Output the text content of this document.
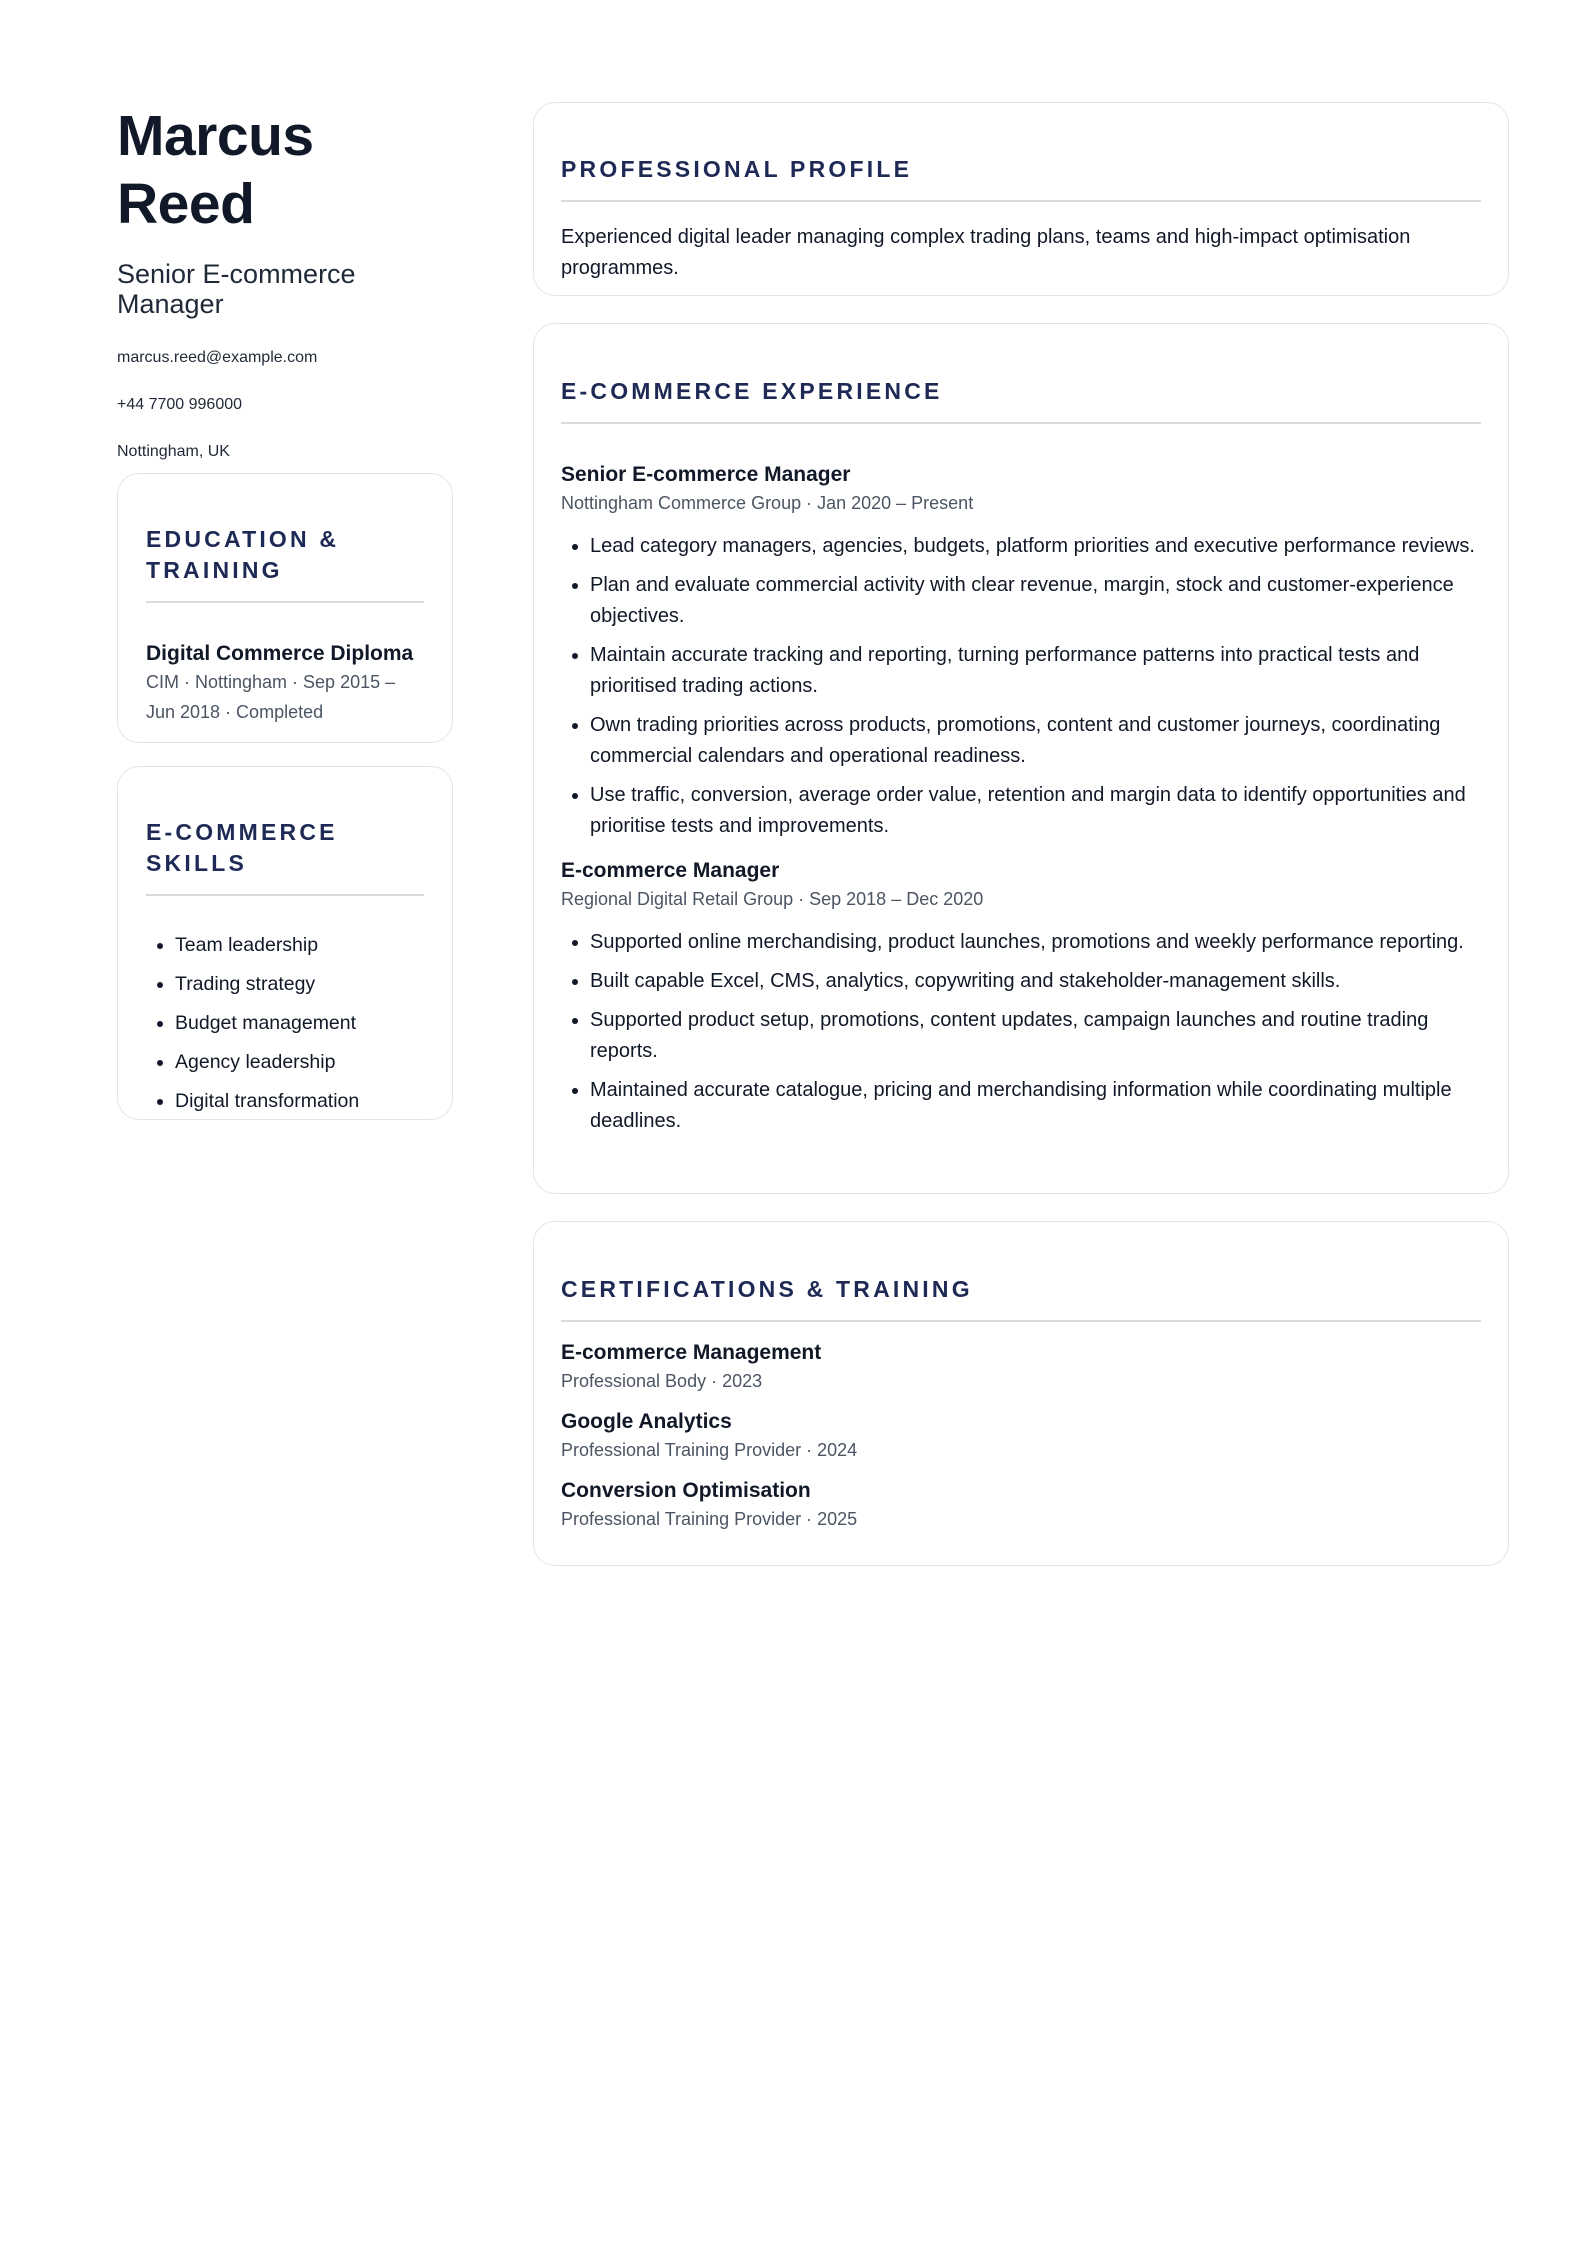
Marcus Reed
Senior E-commerce Manager
marcus.reed@example.com
+44 7700 996000
Nottingham, UK
EDUCATION & TRAINING
Digital Commerce Diploma
CIM · Nottingham · Sep 2015 – Jun 2018 · Completed
E-COMMERCE SKILLS
• Team leadership
• Trading strategy
• Budget management
• Agency leadership
• Digital transformation
PROFESSIONAL PROFILE

Experienced digital leader managing complex trading plans, teams and high-impact optimisation programmes.

E-COMMERCE EXPERIENCE
Senior E-commerce Manager
Nottingham Commerce Group · Jan 2020 – Present
• Lead category managers, agencies, budgets, platform priorities and executive performance reviews.
• Plan and evaluate commercial activity with clear revenue, margin, stock and customer-experience objectives.
• Maintain accurate tracking and reporting, turning performance patterns into practical tests and prioritised trading actions.
• Own trading priorities across products, promotions, content and customer journeys, coordinating commercial calendars and operational readiness.
• Use traffic, conversion, average order value, retention and margin data to identify opportunities and prioritise tests and improvements.
E-commerce Manager
Regional Digital Retail Group · Sep 2018 – Dec 2020
• Supported online merchandising, product launches, promotions and weekly performance reporting.
• Built capable Excel, CMS, analytics, copywriting and stakeholder-management skills.
• Supported product setup, promotions, content updates, campaign launches and routine trading reports.
• Maintained accurate catalogue, pricing and merchandising information while coordinating multiple deadlines.
CERTIFICATIONS & TRAINING
E-commerce Management
Professional Body · 2023
Google Analytics
Professional Training Provider · 2024
Conversion Optimisation
Professional Training Provider · 2025
